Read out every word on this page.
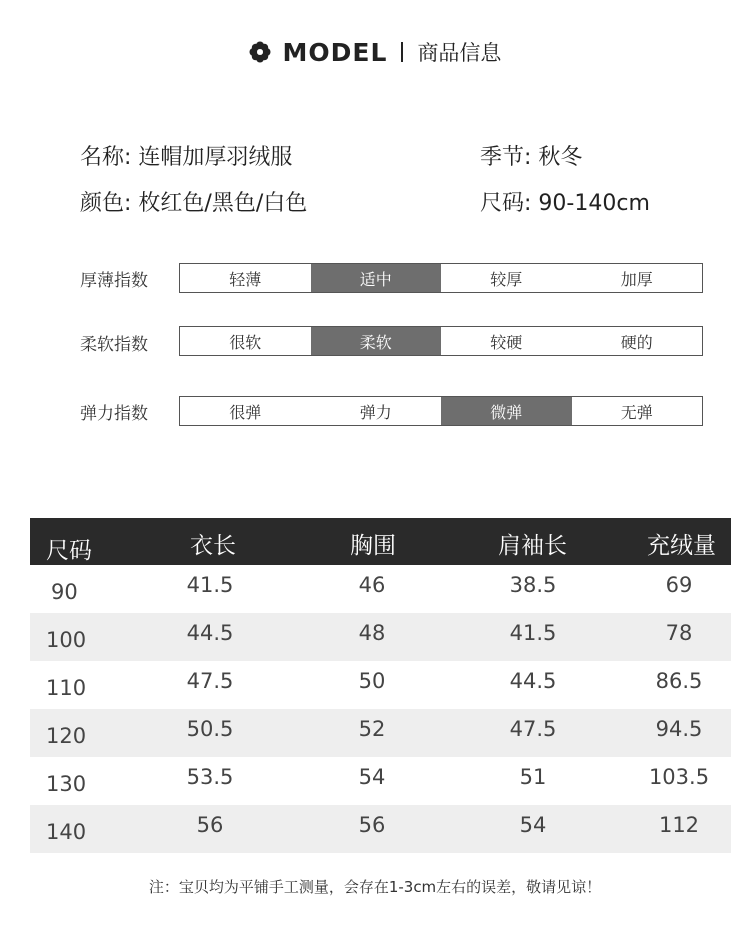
MODEL 商品信息
名称: 连帽加厚羽绒服	季节: 秋冬
颜色: 枚红色/黑色/白色	尺码: 90-140cm
厚薄指数	轻薄	适中	较厚	加厚
柔软指数	很软	柔软	较硬	硬的
弹力指数	很弹	弹力	微弹	无弹
尺码	衣长	胸围	肩袖长	充绒量
90	41.5	46	38.5	69
100	44.5	48	41.5	78
110	47.5	50	44.5	86.5
120	50.5	52	47.5	94.5
130	53.5	54	51	103.5
140	56	56	54	112
注：宝贝均为平铺手工测量，会存在1-3cm左右的误差，敬请见谅！
